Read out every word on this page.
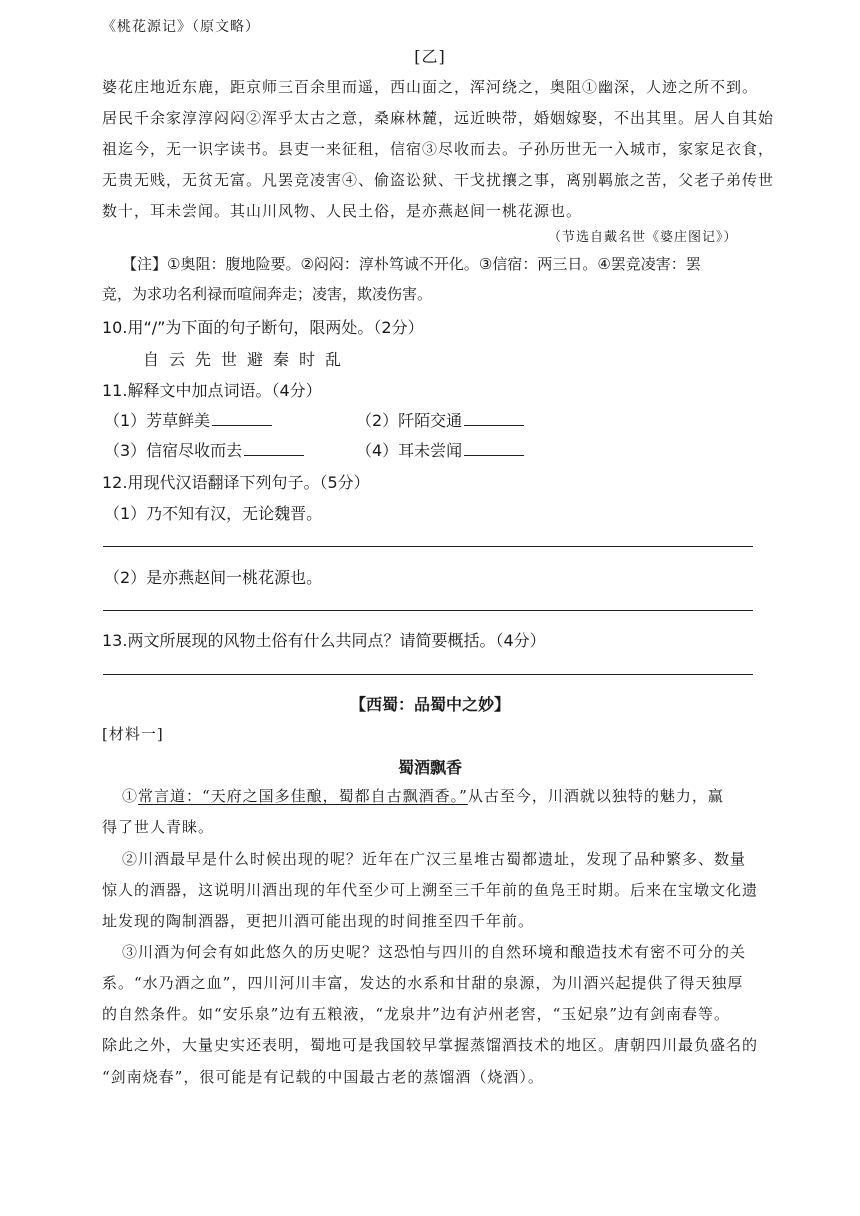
《桃花源记》（原文略）
[乙]
婆花庄地近东鹿，距京师三百余里而遥，西山面之，浑河绕之，奥阻①幽深，人迹之所不到。
居民千余家淳淳闷闷②浑乎太古之意，桑麻林麓，远近映带，婚姻嫁娶，不出其里。居人自其始
祖迄今，无一识字读书。县吏一来征租，信宿③尽收而去。子孙历世无一入城市，家家足衣食，
无贵无贱，无贫无富。凡罢竞凌害④、偷盗讼狱、干戈扰攘之事，离别羁旅之苦，父老子弟传世
数十，耳未尝闻。其山川风物、人民土俗，是亦燕赵间一桃花源也。
（节选自戴名世《婆庄图记》）
【注】①奥阻：腹地险要。②闷闷：淳朴笃诚不开化。③信宿：两三日。④罢竞凌害：罢
竞，为求功名利禄而喧闹奔走；凌害，欺凌伤害。
10.用“/”为下面的句子断句，限两处。（2分）
自云先世避秦时乱
11.解释文中加点词语。（4分）
（1）芳草鲜美	（2）阡陌交通
（3）信宿尽收而去	（4）耳未尝闻
12.用现代汉语翻译下列句子。（5分）
（1）乃不知有汉，无论魏晋。
（2）是亦燕赵间一桃花源也。
13.两文所展现的风物土俗有什么共同点？请简要概括。（4分）
【西蜀：品蜀中之妙】
[材料一]
蜀酒飘香
①常言道：“天府之国多佳酿，蜀都自古飘酒香。”从古至今，川酒就以独特的魅力，赢
得了世人青睐。
②川酒最早是什么时候出现的呢？近年在广汉三星堆古蜀都遗址，发现了品种繁多、数量
惊人的酒器，这说明川酒出现的年代至少可上溯至三千年前的鱼凫王时期。后来在宝墩文化遗
址发现的陶制酒器，更把川酒可能出现的时间推至四千年前。
③川酒为何会有如此悠久的历史呢？这恐怕与四川的自然环境和酿造技术有密不可分的关
系。“水乃酒之血”，四川河川丰富，发达的水系和甘甜的泉源，为川酒兴起提供了得天独厚
的自然条件。如“安乐泉”边有五粮液，“龙泉井”边有泸州老窖，“玉妃泉”边有剑南春等。
除此之外，大量史实还表明，蜀地可是我国较早掌握蒸馏酒技术的地区。唐朝四川最负盛名的
“剑南烧春”，很可能是有记载的中国最古老的蒸馏酒（烧酒）。
